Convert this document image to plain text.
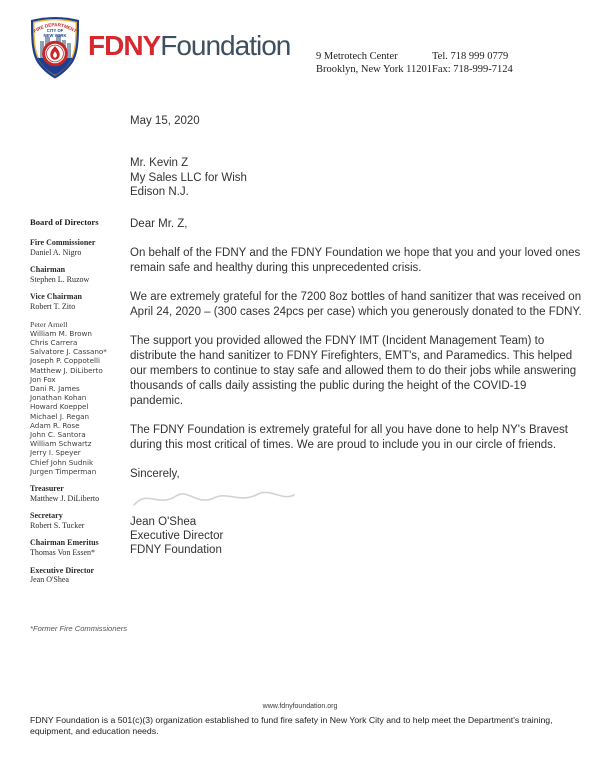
FIRE DEPARTMENT
CITY OF
NEW YORK FDNYFoundation 9 Metrotech Center
Brooklyn, New York 11201
Tel. 718 999 0779
Fax: 718-999-7124
Board of Directors
Fire Commissioner
Daniel A. Nigro
Chairman
Stephen L. Ruzow
Vice Chairman
Robert T. Zito
Peter Arnell
William M. Brown
Chris Carrera
Salvatore J. Cassano*
Joseph P. Coppotelli
Matthew J. DiLiberto
Jon Fox
Dani R. James
Jonathan Kohan
Howard Koeppel
Michael J. Regan
Adam R. Rose
John C. Santora
William Schwartz
Jerry I. Speyer
Chief John Sudnik
Jurgen Timperman
Treasurer
Matthew J. DiLiberto
Secretary
Robert S. Tucker
Chairman Emeritus
Thomas Von Essen*
Executive Director
Jean O'Shea
*Former Fire Commissioners
May 15, 2020
Mr. Kevin Z
My Sales LLC for Wish
Edison N.J.
Dear Mr. Z,

On behalf of the FDNY and the FDNY Foundation we hope that you and your loved ones remain safe and healthy during this unprecedented crisis.

We are extremely grateful for the 7200 8oz bottles of hand sanitizer that was received on April 24, 2020 – (300 cases 24pcs per case) which you generously donated to the FDNY.

The support you provided allowed the FDNY IMT (Incident Management Team) to distribute the hand sanitizer to FDNY Firefighters, EMT's, and Paramedics. This helped our members to continue to stay safe and allowed them to do their jobs while answering thousands of calls daily assisting the public during the height of the COVID-19 pandemic.

The FDNY Foundation is extremely grateful for all you have done to help NY's Bravest during this most critical of times. We are proud to include you in our circle of friends.

Sincerely,
Jean O'Shea
Executive Director
FDNY Foundation
www.fdnyfoundation.org
FDNY Foundation is a 501(c)(3) organization established to fund fire safety in New York City and to help meet the Department's training, equipment, and education needs.
